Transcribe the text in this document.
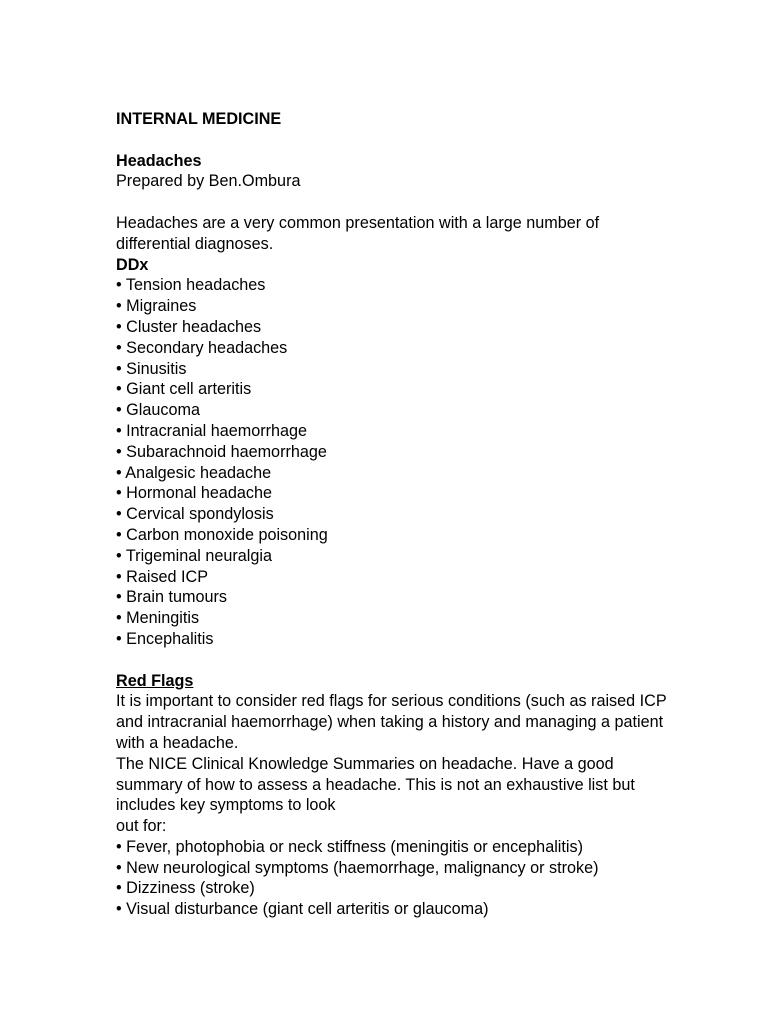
INTERNAL MEDICINE
Headaches
Prepared by Ben.Ombura

Headaches are a very common presentation with a large number of differential diagnoses.

DDx
• Tension headaches
• Migraines
• Cluster headaches
• Secondary headaches
• Sinusitis
• Giant cell arteritis
• Glaucoma
• Intracranial haemorrhage
• Subarachnoid haemorrhage
• Analgesic headache
• Hormonal headache
• Cervical spondylosis
• Carbon monoxide poisoning
• Trigeminal neuralgia
• Raised ICP
• Brain tumours
• Meningitis
• Encephalitis
Red Flags

It is important to consider red flags for serious conditions (such as raised ICP and intracranial haemorrhage) when taking a history and managing a patient with a headache.

The NICE Clinical Knowledge Summaries on headache. Have a good summary of how to assess a headache. This is not an exhaustive list but includes key symptoms to look

out for:
• Fever, photophobia or neck stiffness (meningitis or encephalitis)
• New neurological symptoms (haemorrhage, malignancy or stroke)
• Dizziness (stroke)
• Visual disturbance (giant cell arteritis or glaucoma)
